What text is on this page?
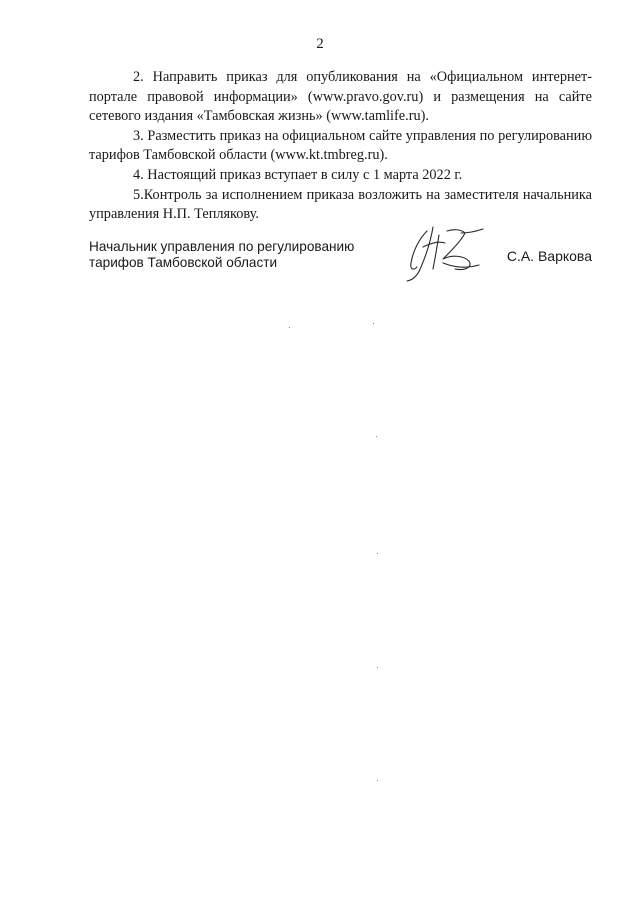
2

2. Направить приказ для опубликования на «Официальном интернет-портале правовой информации» (www.pravo.gov.ru) и размещения на сайте сетевого издания «Тамбовская жизнь» (www.tamlife.ru).

3. Разместить приказ на официальном сайте управления по регулированию тарифов Тамбовской области (www.kt.tmbreg.ru).

4. Настоящий приказ вступает в силу с 1 марта 2022 г.

5.Контроль за исполнением приказа возложить на заместителя начальника управления Н.П. Теплякову.

Начальник управления по регулированию
тарифов Тамбовской области	С.А. Варкова
